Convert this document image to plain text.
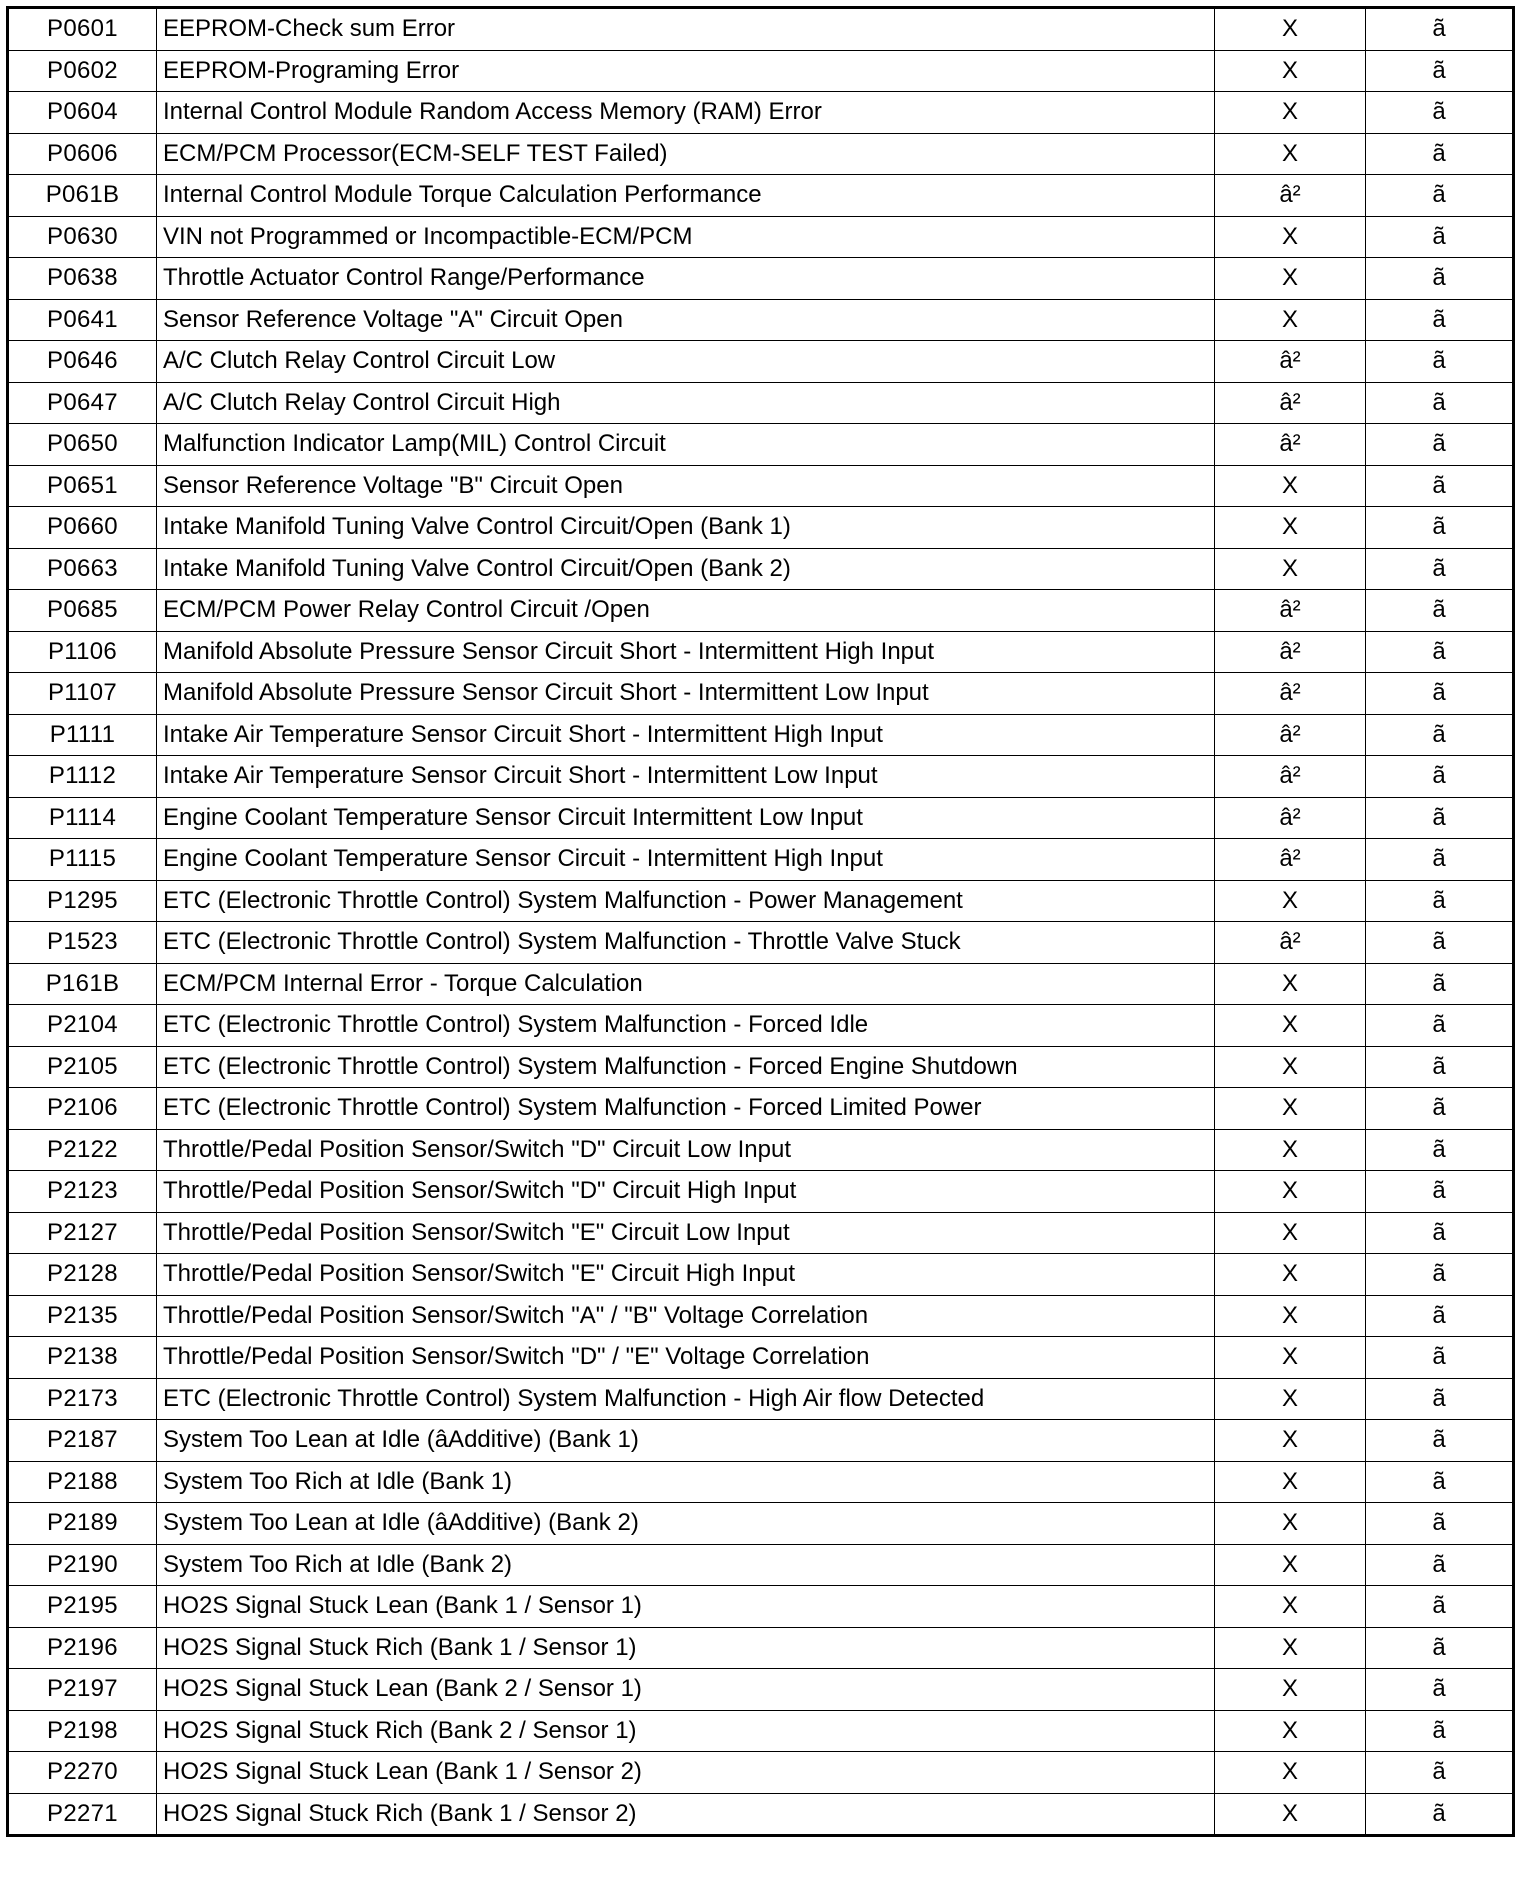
P0601	EEPROM-Check sum Error	X	ã
P0602	EEPROM-Programing Error	X	ã
P0604	Internal Control Module Random Access Memory (RAM) Error	X	ã
P0606	ECM/PCM Processor(ECM-SELF TEST Failed)	X	ã
P061B	Internal Control Module Torque Calculation Performance	â²	ã
P0630	VIN not Programmed or Incompactible-ECM/PCM	X	ã
P0638	Throttle Actuator Control Range/Performance	X	ã
P0641	Sensor Reference Voltage "A" Circuit Open	X	ã
P0646	A/C Clutch Relay Control Circuit Low	â²	ã
P0647	A/C Clutch Relay Control Circuit High	â²	ã
P0650	Malfunction Indicator Lamp(MIL) Control Circuit	â²	ã
P0651	Sensor Reference Voltage "B" Circuit Open	X	ã
P0660	Intake Manifold Tuning Valve Control Circuit/Open (Bank 1)	X	ã
P0663	Intake Manifold Tuning Valve Control Circuit/Open (Bank 2)	X	ã
P0685	ECM/PCM Power Relay Control Circuit /Open	â²	ã
P1106	Manifold Absolute Pressure Sensor Circuit Short - Intermittent High Input	â²	ã
P1107	Manifold Absolute Pressure Sensor Circuit Short - Intermittent Low Input	â²	ã
P1111	Intake Air Temperature Sensor Circuit Short - Intermittent High Input	â²	ã
P1112	Intake Air Temperature Sensor Circuit Short - Intermittent Low Input	â²	ã
P1114	Engine Coolant Temperature Sensor Circuit Intermittent Low Input	â²	ã
P1115	Engine Coolant Temperature Sensor Circuit - Intermittent High Input	â²	ã
P1295	ETC (Electronic Throttle Control) System Malfunction - Power Management	X	ã
P1523	ETC (Electronic Throttle Control) System Malfunction - Throttle Valve Stuck	â²	ã
P161B	ECM/PCM Internal Error - Torque Calculation	X	ã
P2104	ETC (Electronic Throttle Control) System Malfunction - Forced Idle	X	ã
P2105	ETC (Electronic Throttle Control) System Malfunction - Forced Engine Shutdown	X	ã
P2106	ETC (Electronic Throttle Control) System Malfunction - Forced Limited Power	X	ã
P2122	Throttle/Pedal Position Sensor/Switch "D" Circuit Low Input	X	ã
P2123	Throttle/Pedal Position Sensor/Switch "D" Circuit High Input	X	ã
P2127	Throttle/Pedal Position Sensor/Switch "E" Circuit Low Input	X	ã
P2128	Throttle/Pedal Position Sensor/Switch "E" Circuit High Input	X	ã
P2135	Throttle/Pedal Position Sensor/Switch "A" / "B" Voltage Correlation	X	ã
P2138	Throttle/Pedal Position Sensor/Switch "D" / "E" Voltage Correlation	X	ã
P2173	ETC (Electronic Throttle Control) System Malfunction - High Air flow Detected	X	ã
P2187	System Too Lean at Idle (âAdditive) (Bank 1)	X	ã
P2188	System Too Rich at Idle (Bank 1)	X	ã
P2189	System Too Lean at Idle (âAdditive) (Bank 2)	X	ã
P2190	System Too Rich at Idle (Bank 2)	X	ã
P2195	HO2S Signal Stuck Lean (Bank 1 / Sensor 1)	X	ã
P2196	HO2S Signal Stuck Rich (Bank 1 / Sensor 1)	X	ã
P2197	HO2S Signal Stuck Lean (Bank 2 / Sensor 1)	X	ã
P2198	HO2S Signal Stuck Rich (Bank 2 / Sensor 1)	X	ã
P2270	HO2S Signal Stuck Lean (Bank 1 / Sensor 2)	X	ã
P2271	HO2S Signal Stuck Rich (Bank 1 / Sensor 2)	X	ã
